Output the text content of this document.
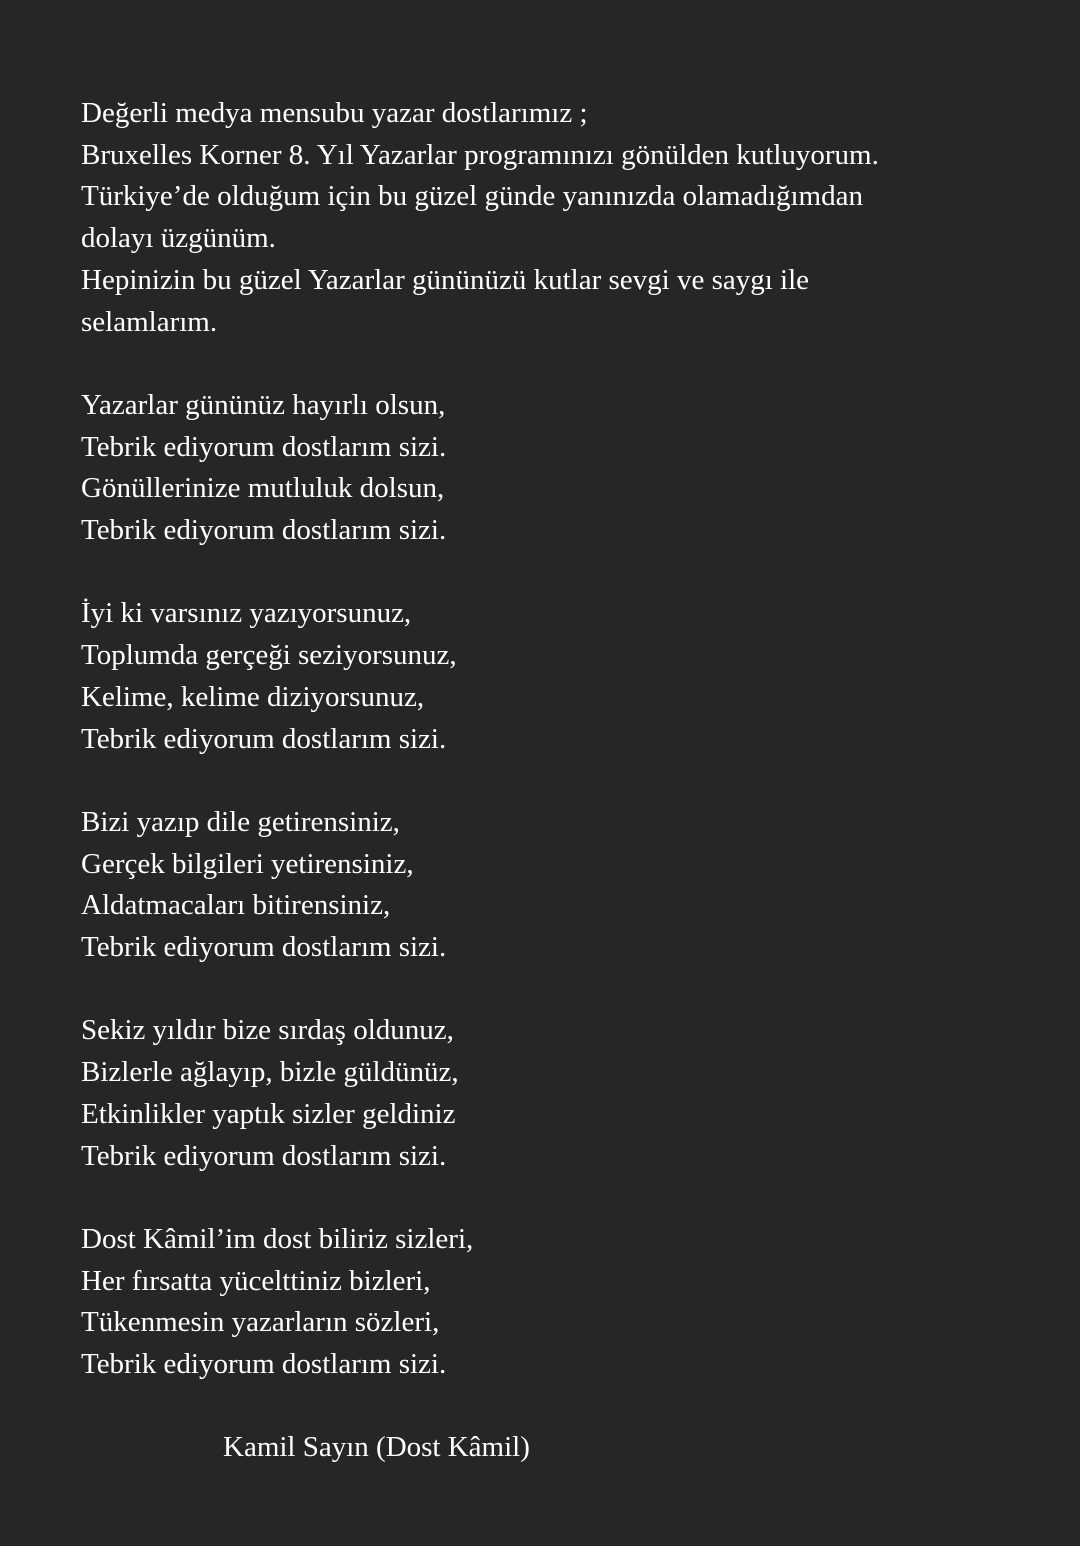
Değerli medya mensubu yazar dostlarımız ;
Bruxelles Korner 8. Yıl Yazarlar programınızı gönülden kutluyorum.
Türkiye’de olduğum için bu güzel günde yanınızda olamadığımdan
dolayı üzgünüm.
Hepinizin bu güzel Yazarlar gününüzü kutlar sevgi ve saygı ile
selamlarım.
Yazarlar gününüz hayırlı olsun,
Tebrik ediyorum dostlarım sizi.
Gönüllerinize mutluluk dolsun,
Tebrik ediyorum dostlarım sizi.
İyi ki varsınız yazıyorsunuz,
Toplumda gerçeği seziyorsunuz,
Kelime, kelime diziyorsunuz,
Tebrik ediyorum dostlarım sizi.
Bizi yazıp dile getirensiniz,
Gerçek bilgileri yetirensiniz,
Aldatmacaları bitirensiniz,
Tebrik ediyorum dostlarım sizi.
Sekiz yıldır bize sırdaş oldunuz,
Bizlerle ağlayıp, bizle güldünüz,
Etkinlikler yaptık sizler geldiniz
Tebrik ediyorum dostlarım sizi.
Dost Kâmil’im dost biliriz sizleri,
Her fırsatta yücelttiniz bizleri,
Tükenmesin yazarların sözleri,
Tebrik ediyorum dostlarım sizi.
Kamil Sayın (Dost Kâmil)
